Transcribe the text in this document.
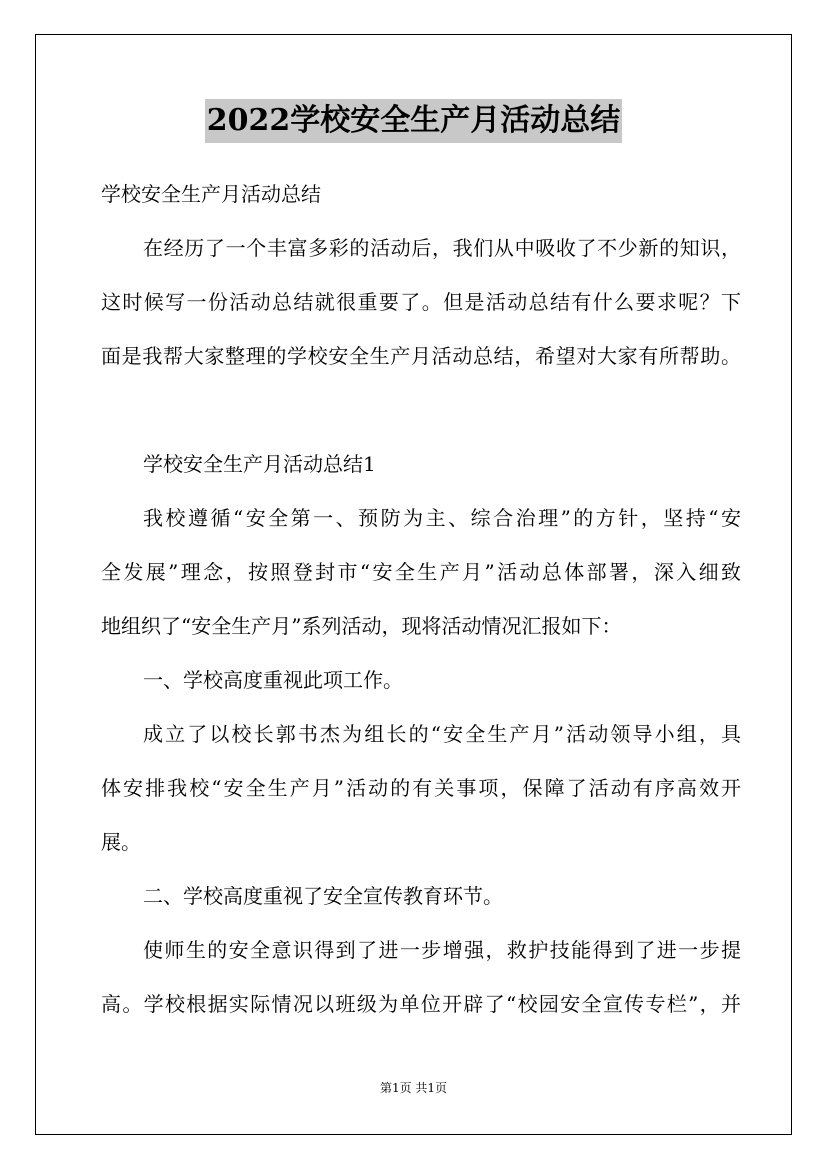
2022学校安全生产月活动总结
学校安全生产月活动总结
在经历了一个丰富多彩的活动后，我们从中吸收了不少新的知识，
这时候写一份活动总结就很重要了。但是活动总结有什么要求呢？下
面是我帮大家整理的学校安全生产月活动总结，希望对大家有所帮助。
学校安全生产月活动总结1
我校遵循“安全第一、预防为主、综合治理”的方针，坚持“安
全发展”理念，按照登封市“安全生产月”活动总体部署，深入细致
地组织了“安全生产月”系列活动，现将活动情况汇报如下：
一、学校高度重视此项工作。
成立了以校长郭书杰为组长的“安全生产月”活动领导小组，具
体安排我校“安全生产月”活动的有关事项，保障了活动有序高效开
展。
二、学校高度重视了安全宣传教育环节。
使师生的安全意识得到了进一步增强，救护技能得到了进一步提
高。学校根据实际情况以班级为单位开辟了“校园安全宣传专栏”，并
第1页 共1页
